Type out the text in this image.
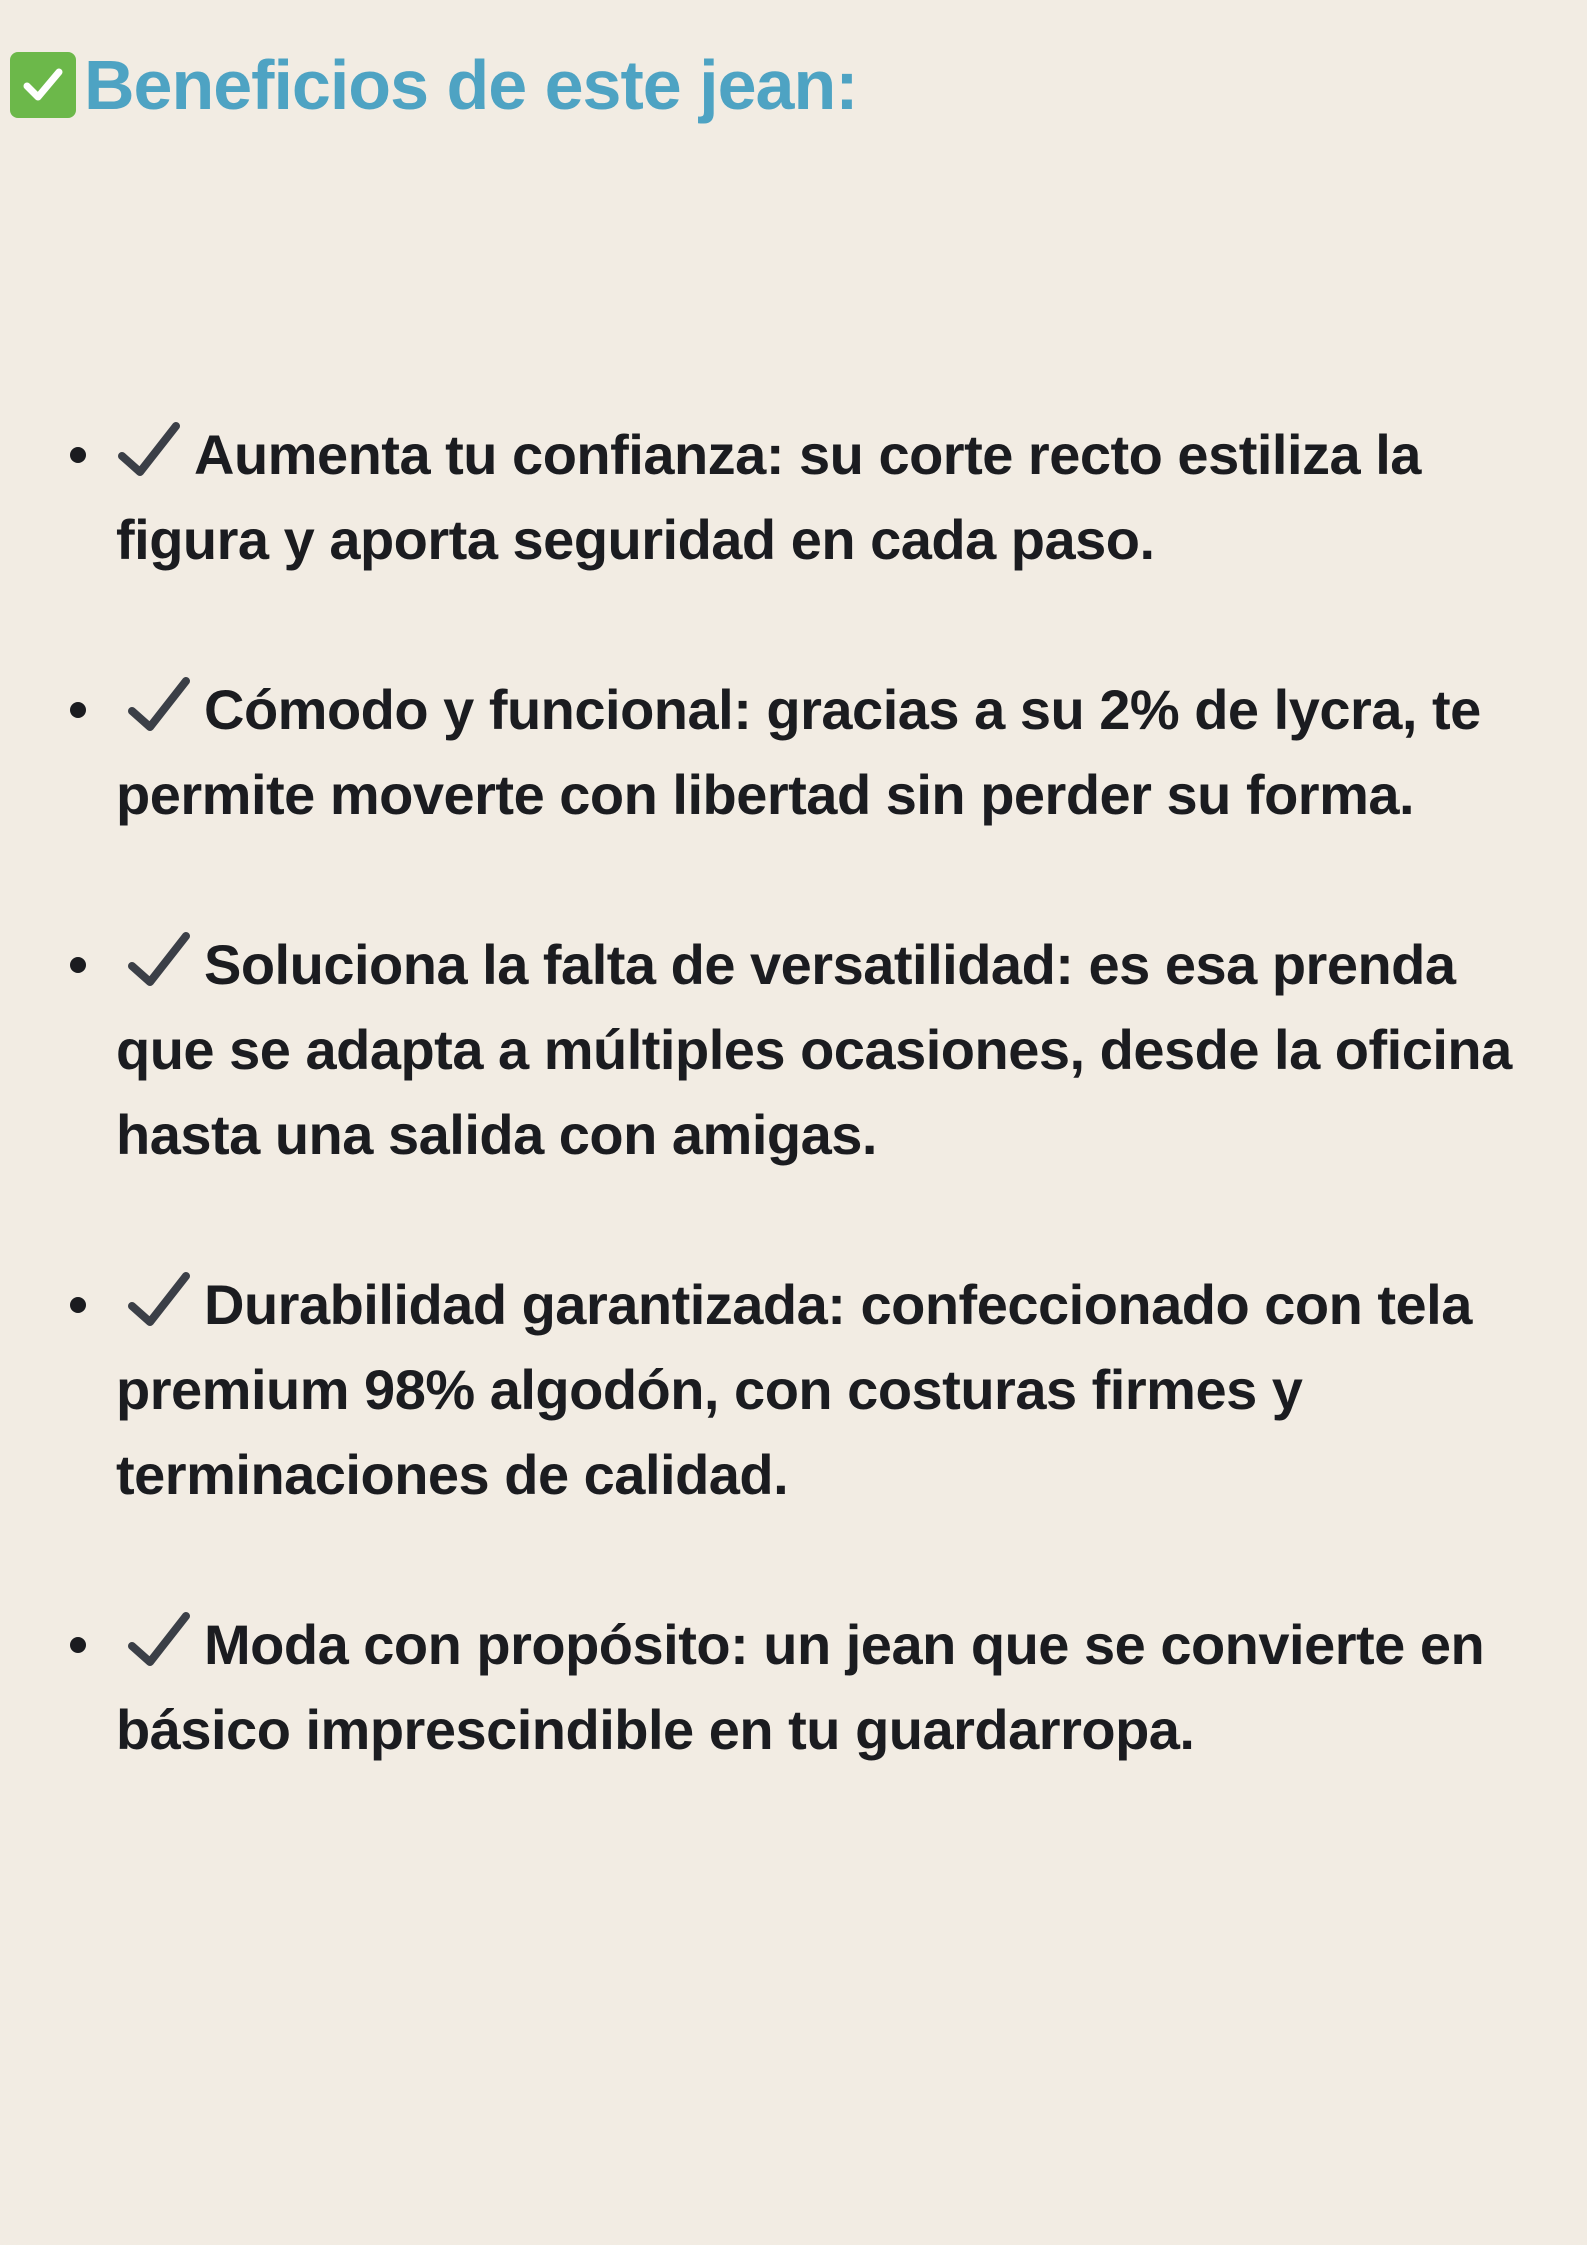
Beneficios de este jean:
Aumenta tu confianza: su corte recto estiliza la figura y aporta seguridad en cada paso.
Cómodo y funcional: gracias a su 2% de lycra, te permite moverte con libertad sin perder su forma.
Soluciona la falta de versatilidad: es esa prenda que se adapta a múltiples ocasiones, desde la oficina hasta una salida con amigas.
Durabilidad garantizada: confeccionado con tela premium 98% algodón, con costuras firmes y terminaciones de calidad.
Moda con propósito: un jean que se convierte en básico imprescindible en tu guardarropa.
